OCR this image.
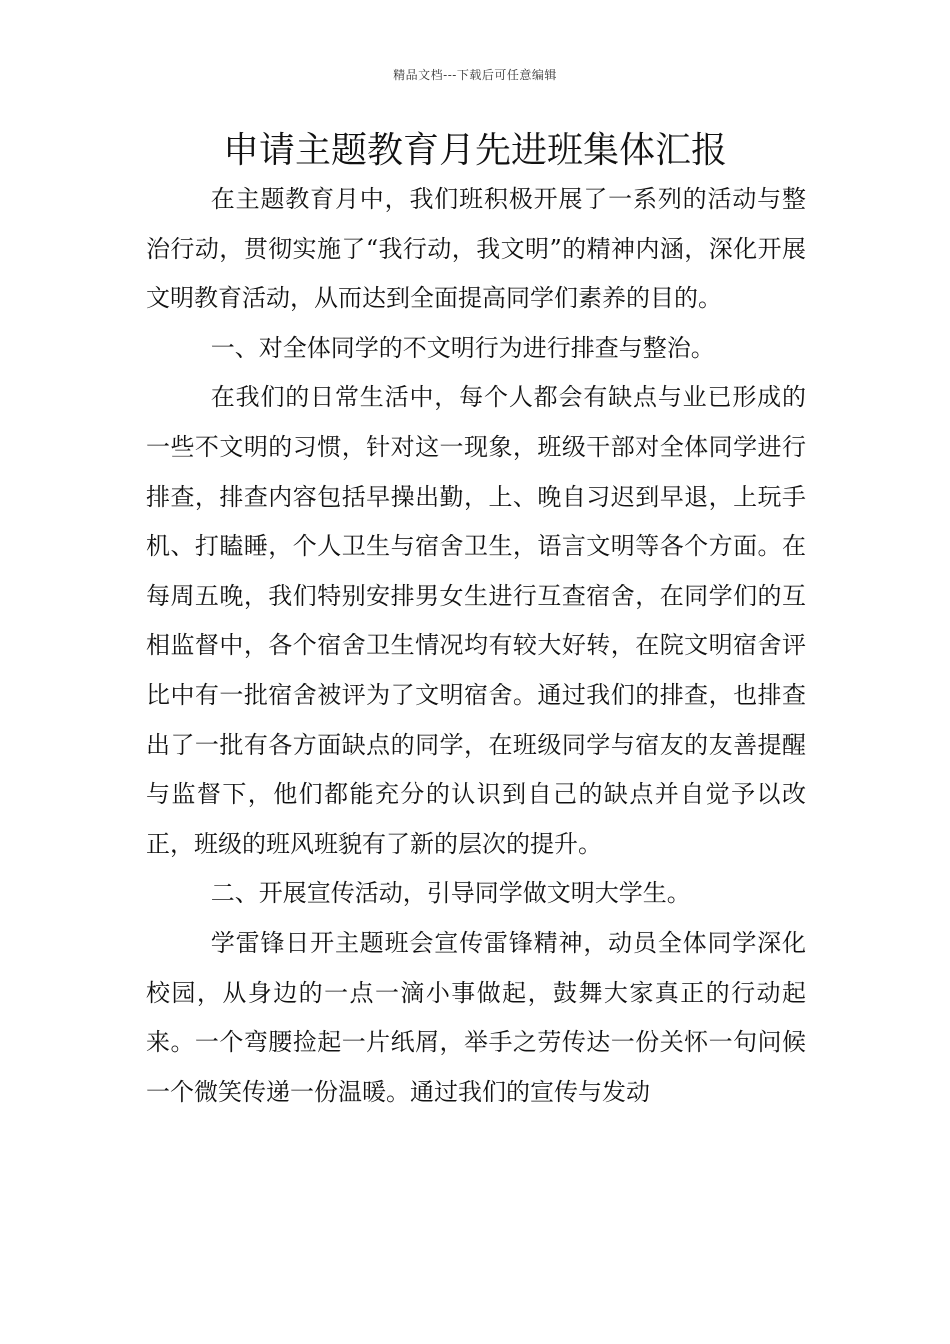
精品文档---下载后可任意编辑
申请主题教育月先进班集体汇报

在主题教育月中，我们班积极开展了一系列的活动与整治行动，贯彻实施了“我行动，我文明”的精神内涵，深化开展文明教育活动，从而达到全面提高同学们素养的目的。

一、对全体同学的不文明行为进行排查与整治。

在我们的日常生活中，每个人都会有缺点与业已形成的一些不文明的习惯，针对这一现象，班级干部对全体同学进行排查，排查内容包括早操出勤，上、晚自习迟到早退，上玩手机、打瞌睡，个人卫生与宿舍卫生，语言文明等各个方面。在每周五晚，我们特别安排男女生进行互查宿舍，在同学们的互相监督中，各个宿舍卫生情况均有较大好转，在院文明宿舍评比中有一批宿舍被评为了文明宿舍。通过我们的排查，也排查出了一批有各方面缺点的同学，在班级同学与宿友的友善提醒与监督下，他们都能充分的认识到自己的缺点并自觉予以改正，班级的班风班貌有了新的层次的提升。

二、开展宣传活动，引导同学做文明大学生。

学雷锋日开主题班会宣传雷锋精神，动员全体同学深化校园，从身边的一点一滴小事做起，鼓舞大家真正的行动起来。一个弯腰捡起一片纸屑，举手之劳传达一份关怀一句问候一个微笑传递一份温暖。通过我们的宣传与发动
